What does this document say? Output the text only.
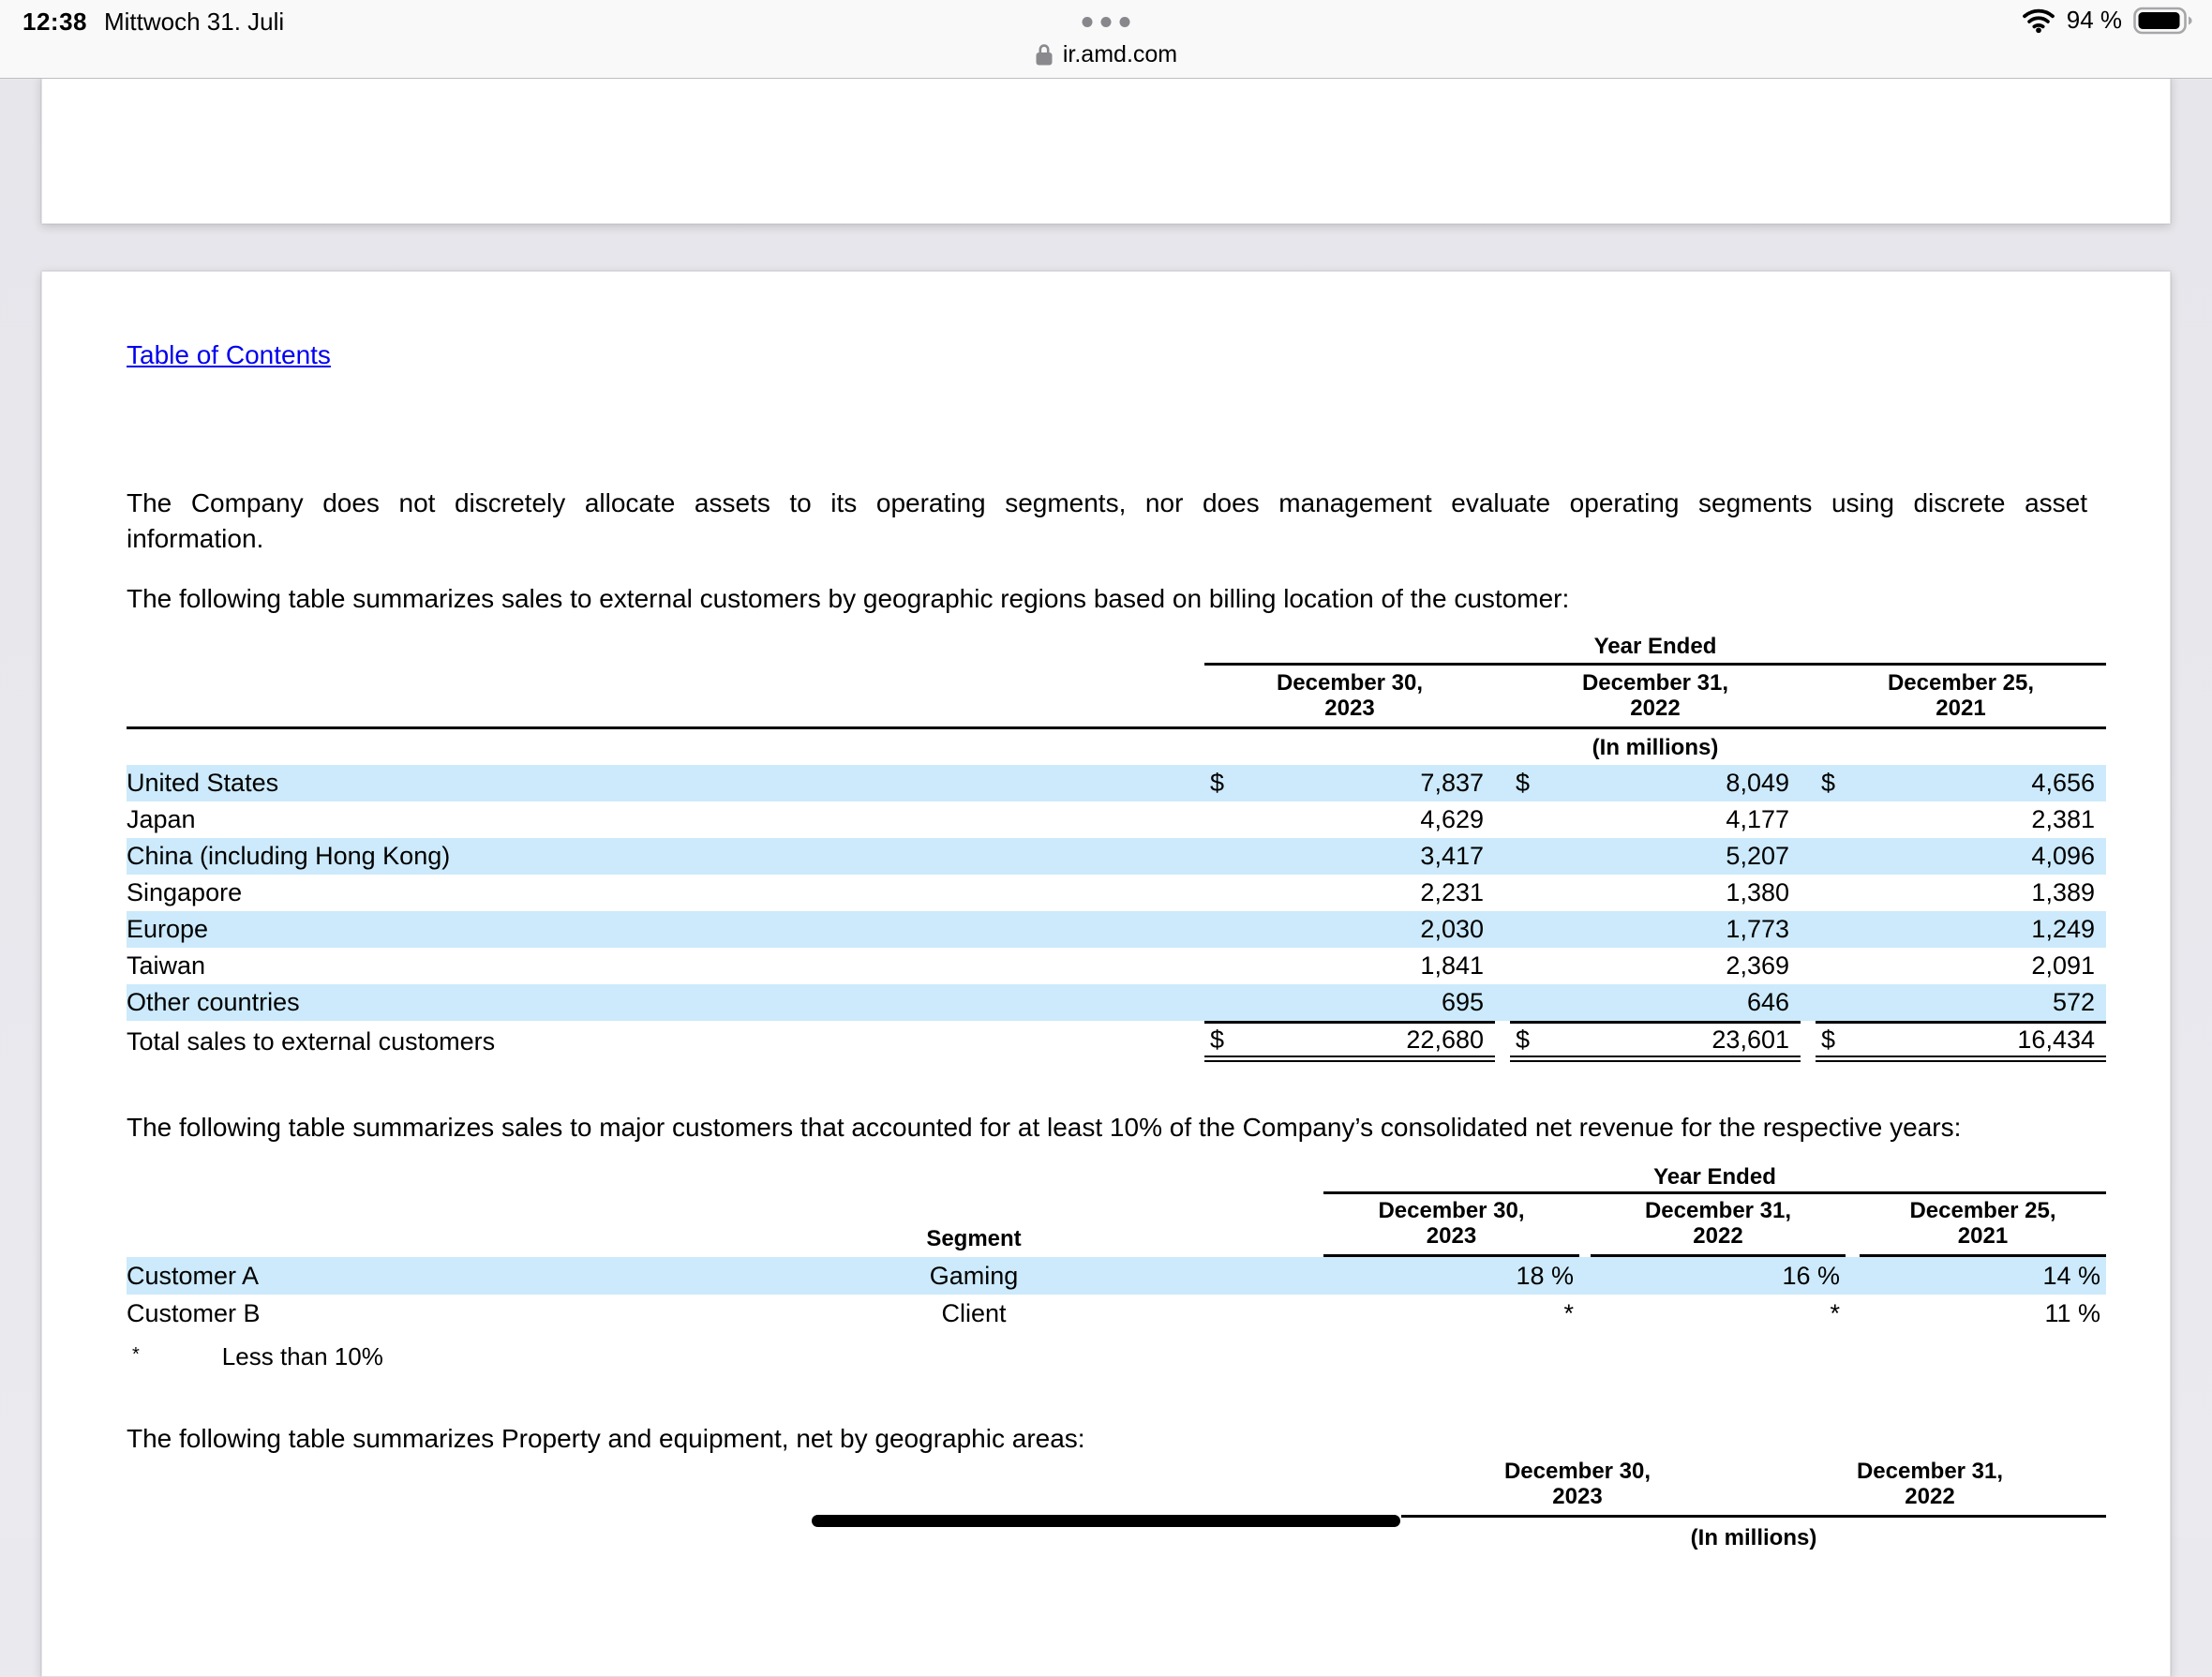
12:38 Mittwoch 31. Juli	94 %
ir.amd.com
Table of Contents

The Company does not discretely allocate assets to its operating segments, nor does management evaluate operating segments using discrete asset

information.

The following table summarizes sales to external customers by geographic regions based on billing location of the customer:

Year Ended
December 30,
2023
December 31,
2022
December 25,
2021
(In millions)
United States	$	7,837 $	8,049 $	4,656
Japan	4,629	4,177	2,381
China (including Hong Kong)	3,417	5,207	4,096
Singapore	2,231	1,380	1,389
Europe	2,030	1,773	1,249
Taiwan	1,841	2,369	2,091
Other countries	695	646	572
Total sales to external customers	$	22,680 $	23,601 $	16,434

The following table summarizes sales to major customers that accounted for at least 10% of the Company’s consolidated net revenue for the respective years:

Year Ended
Segment
December 30,
2023
December 31,
2022
December 25,
2021
Customer A	Gaming	18 %	16 %	14 %
Customer B	Client	*	*	11 %
*	Less than 10%

The following table summarizes Property and equipment, net by geographic areas:

December 30,
2023
December 31,
2022
(In millions)
